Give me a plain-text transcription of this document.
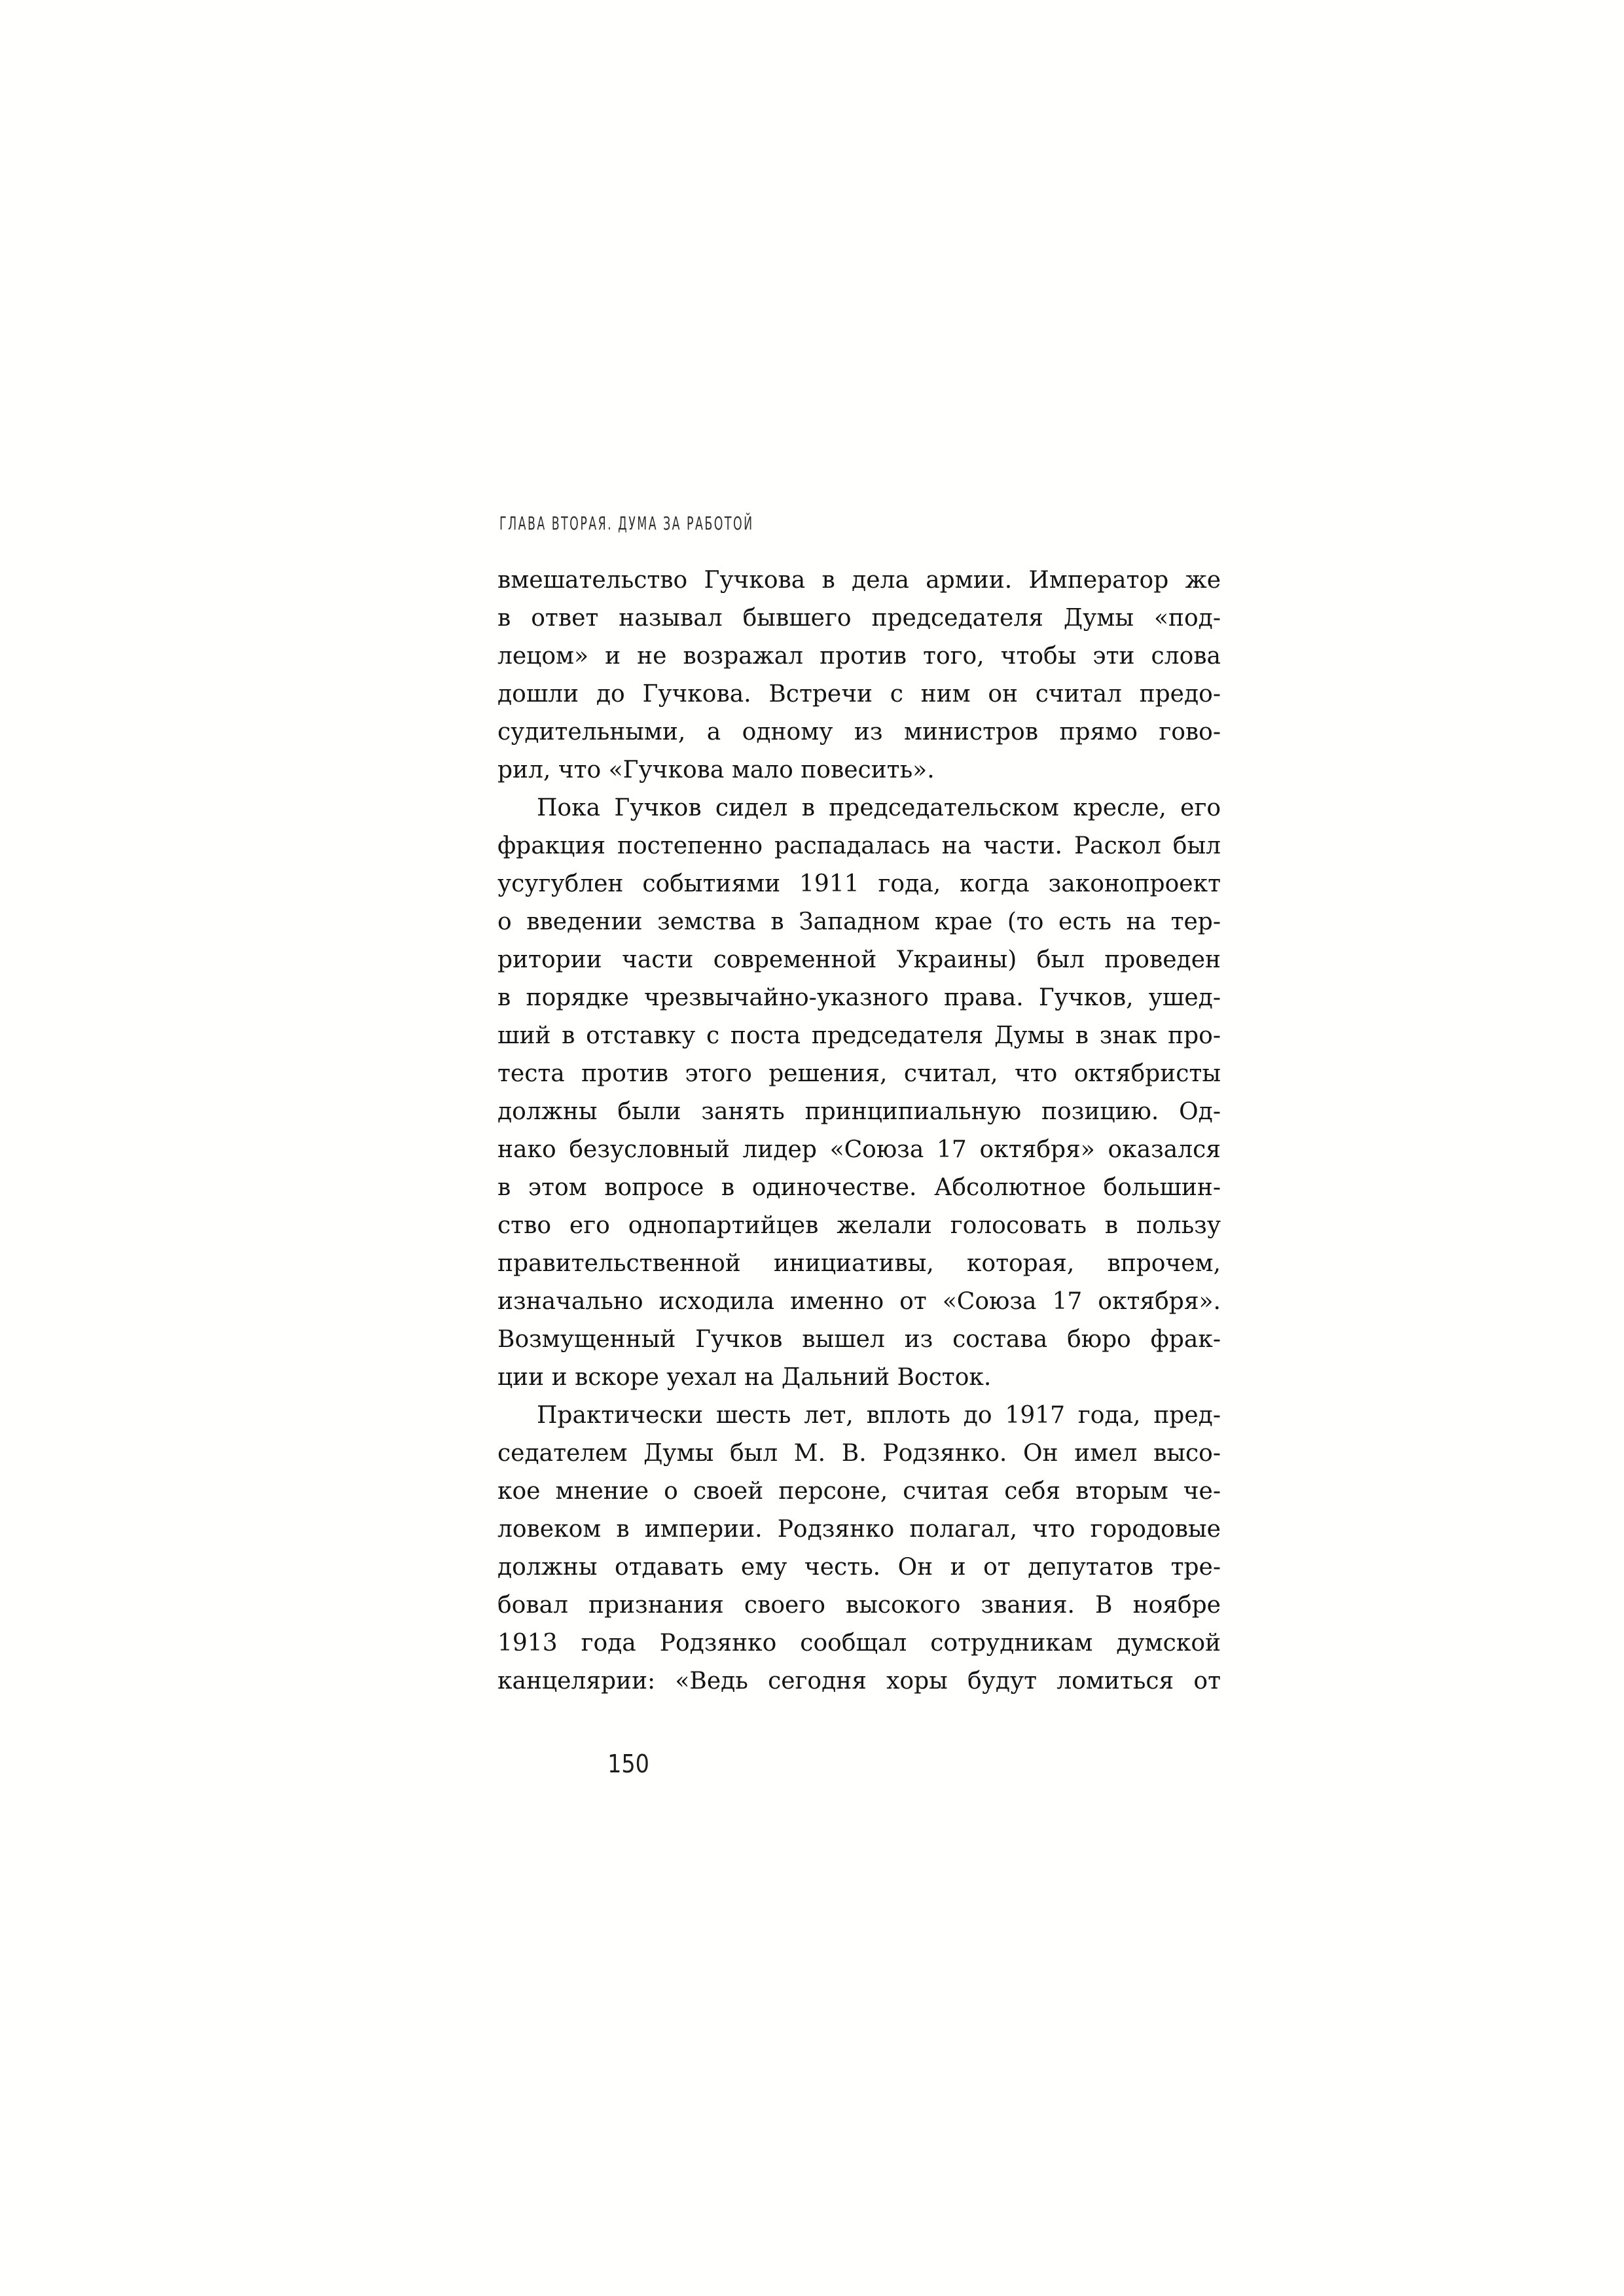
ГЛАВА ВТОРАЯ. ДУМА ЗА РАБОТОЙ
вмешательство Гучкова в дела армии. Император же
в ответ называл бывшего председателя Думы «под-
лецом» и не возражал против того, чтобы эти слова
дошли до Гучкова. Встречи с ним он считал предо-
судительными, а одному из министров прямо гово-
рил, что «Гучкова мало повесить».
Пока Гучков сидел в председательском кресле, его
фракция постепенно распадалась на части. Раскол был
усугублен событиями 1911 года, когда законопроект
о введении земства в Западном крае (то есть на тер-
ритории части современной Украины) был проведен
в порядке чрезвычайно-указного права. Гучков, ушед-
ший в отставку с поста председателя Думы в знак про-
теста против этого решения, считал, что октябристы
должны были занять принципиальную позицию. Од-
нако безусловный лидер «Союза 17 октября» оказался
в этом вопросе в одиночестве. Абсолютное большин-
ство его однопартийцев желали голосовать в пользу
правительственной инициативы, которая, впрочем,
изначально исходила именно от «Союза 17 октября».
Возмущенный Гучков вышел из состава бюро фрак-
ции и вскоре уехал на Дальний Восток.
Практически шесть лет, вплоть до 1917 года, пред-
седателем Думы был М. В. Родзянко. Он имел высо-
кое мнение о своей персоне, считая себя вторым че-
ловеком в империи. Родзянко полагал, что городовые
должны отдавать ему честь. Он и от депутатов тре-
бовал признания своего высокого звания. В ноябре
1913 года Родзянко сообщал сотрудникам думской
канцелярии: «Ведь сегодня хоры будут ломиться от
150
